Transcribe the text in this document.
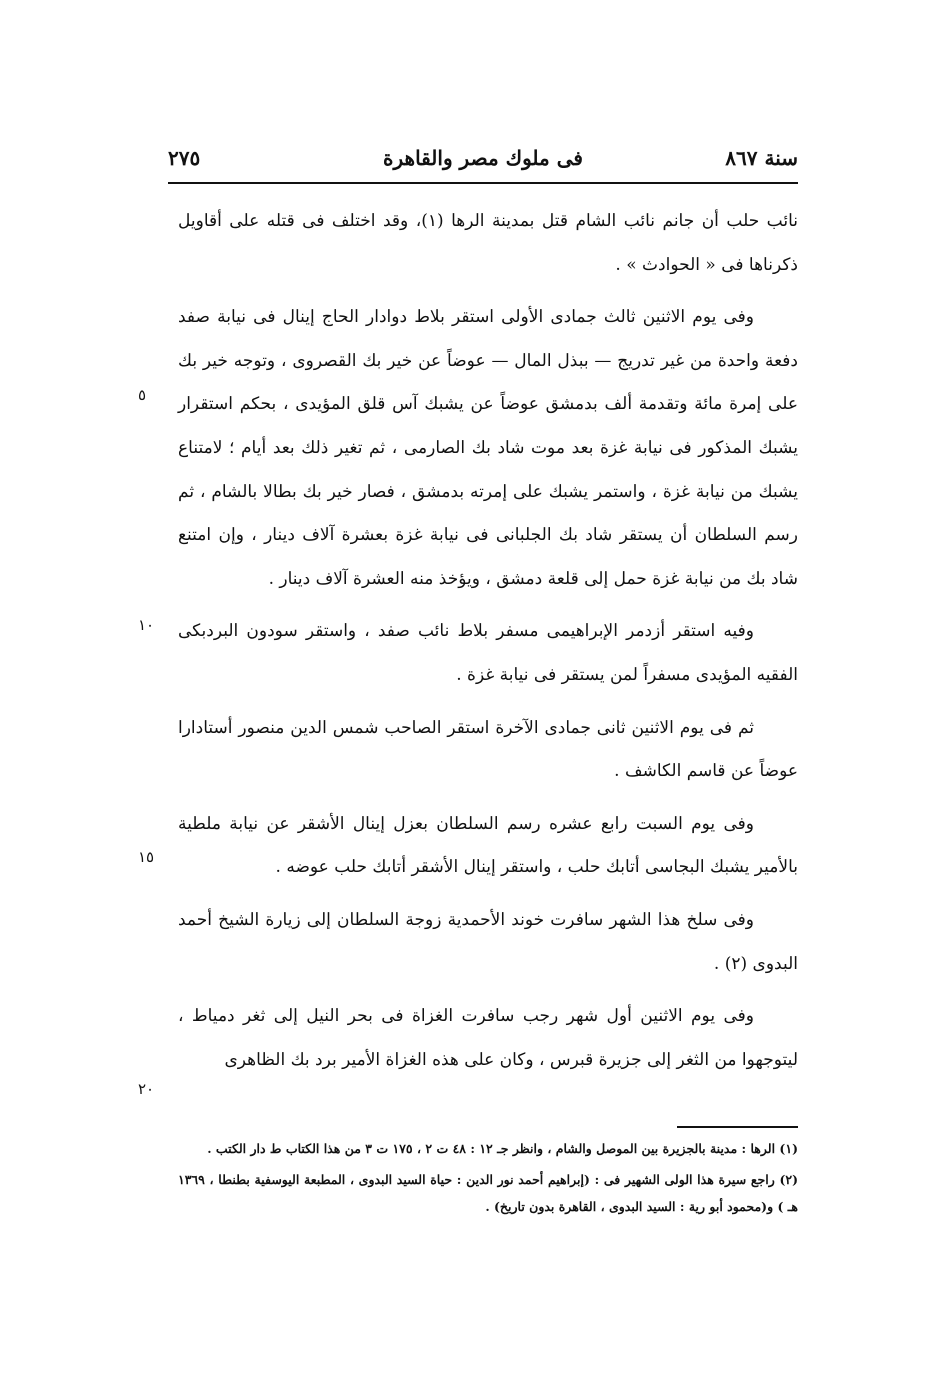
سنة ٨٦٧
فى ملوك مصر والقاهرة
٢٧٥
٥
١٠
١٥
٢٠

نائب حلب أن جانم نائب الشام قتل بمدينة الرها (١)، وقد اختلف فى قتله على أقاويل ذكرناها فى « الحوادث » .

وفى يوم الاثنين ثالث جمادى الأولى استقر بلاط دوادار الحاج إينال فى نيابة صفد دفعة واحدة من غير تدريج — ببذل المال — عوضاً عن خير بك القصروى ، وتوجه خير بك على إمرة مائة وتقدمة ألف بدمشق عوضاً عن يشبك آس قلق المؤيدى ، بحكم استقرار يشبك المذكور فى نيابة غزة بعد موت شاد بك الصارمى ، ثم تغير ذلك بعد أيام ؛ لامتناع يشبك من نيابة غزة ، واستمر يشبك على إمرته بدمشق ، فصار خير بك بطالا بالشام ، ثم رسم السلطان أن يستقر شاد بك الجلبانى فى نيابة غزة بعشرة آلاف دينار ، وإن امتنع شاد بك من نيابة غزة حمل إلى قلعة دمشق ، ويؤخذ منه العشرة آلاف دينار .

وفيه استقر أزدمر الإبراهيمى مسفر بلاط نائب صفد ، واستقر سودون البردبكى الفقيه المؤيدى مسفراً لمن يستقر فى نيابة غزة .

ثم فى يوم الاثنين ثانى جمادى الآخرة استقر الصاحب شمس الدين منصور أستادارا عوضاً عن قاسم الكاشف .

وفى يوم السبت رابع عشره رسم السلطان بعزل إينال الأشقر عن نيابة ملطية بالأمير يشبك البجاسى أتابك حلب ، واستقر إينال الأشقر أتابك حلب عوضه .

وفى سلخ هذا الشهر سافرت خوند الأحمدية زوجة السلطان إلى زيارة الشيخ أحمد البدوى (٢) .

وفى يوم الاثنين أول شهر رجب سافرت الغزاة فى بحر النيل إلى ثغر دمياط ، ليتوجهوا من الثغر إلى جزيرة قبرس ، وكان على هذه الغزاة الأمير برد بك الظاهرى

(١) الرها : مدينة بالجزيرة بين الموصل والشام ، وانظر جـ ١٢ : ٤٨ ت ٢ ، ١٧٥ ت ٣ من هذا الكتاب ط دار الكتب .

(٢) راجع سيرة هذا الولى الشهير فى : (إبراهيم أحمد نور الدين : حياة السيد البدوى ، المطبعة اليوسفية بطنطا ، ١٣٦٩ هـ ) و(محمود أبو رية : السيد البدوى ، القاهرة بدون تاريخ) .
